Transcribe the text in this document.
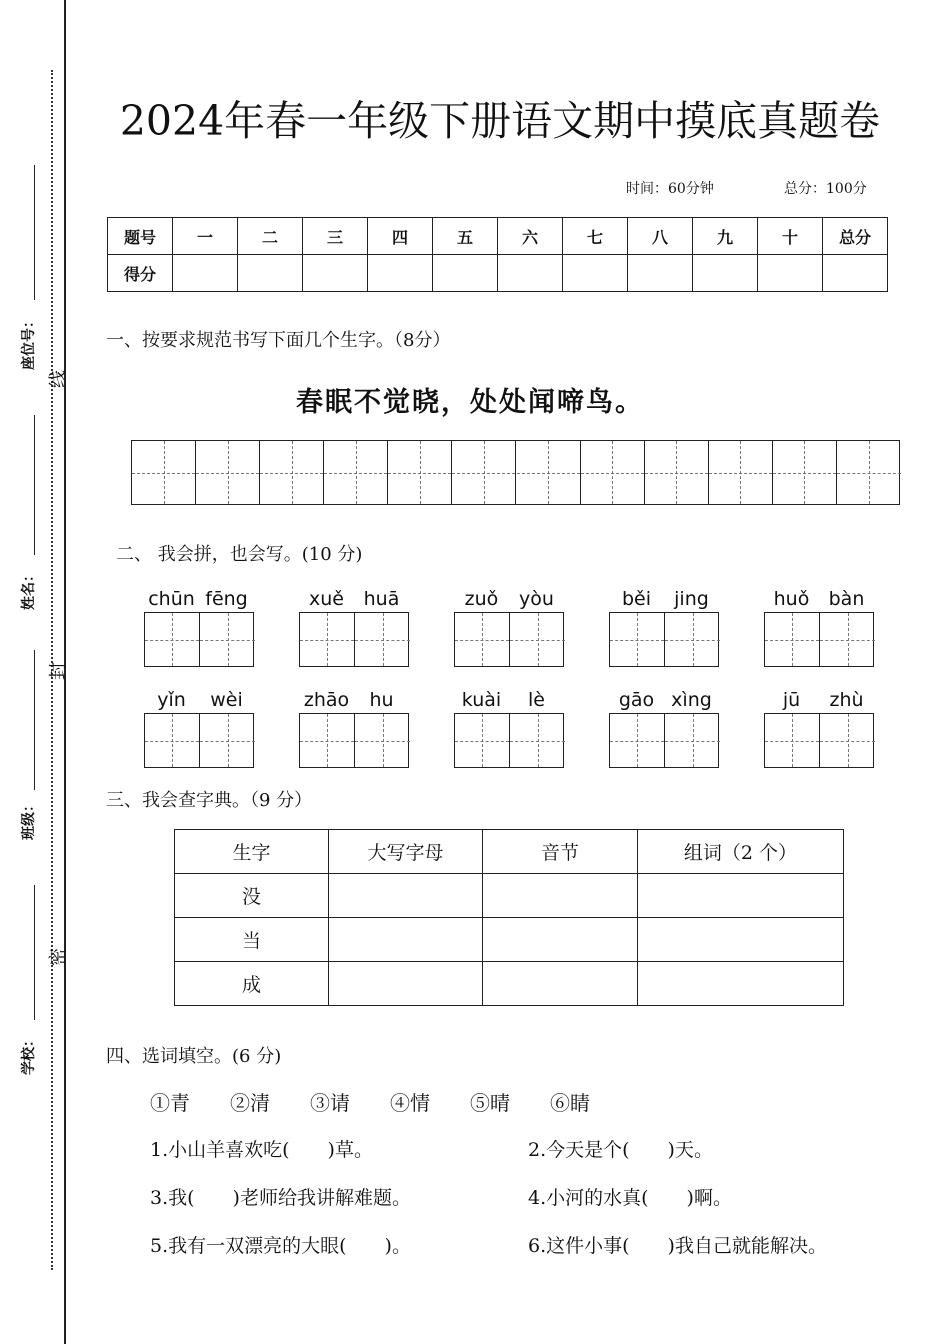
座位号：
线
姓名：
封
班级：
密
学校：
2024年春一年级下册语文期中摸底真题卷
时间：60分钟	总分：100分
题号	一	二	三	四	五	六	七	八	九	十	总分
得分											
一、按要求规范书写下面几个生字。（8分）
春眠不觉晓，处处闻啼鸟。
二、 我会拼，也会写。(10 分)
chūn fēng	xuě	huā	zuǒ	yòu	běi	jing	huǒ	bàn
yǐn	wèi	zhāo	hu	kuài	lè	gāo xìng	jū	zhù
三、我会查字典。（9 分）
生字	大写字母	音节	组词（2 个）
没			
当			
成			
四、选词填空。(6 分)
①青 ②清 ③请 ④情 ⑤晴 ⑥睛
1.小山羊喜欢吃(　　)草。	2.今天是个(　　)天。
3.我(　　)老师给我讲解难题。	4.小河的水真(　　)啊。
5.我有一双漂亮的大眼(　　)。	6.这件小事(　　)我自己就能解决。
